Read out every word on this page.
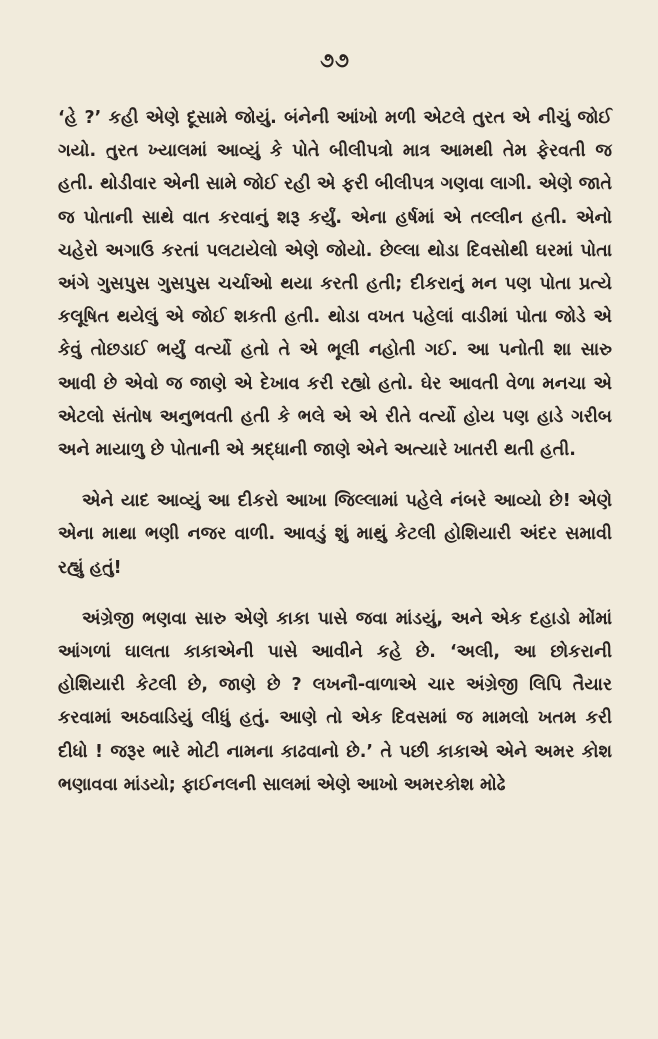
૭૭

‘હે ?’ કહી એણે દૂસામે જોયું. બંનેની આંખો મળી એટલે તુરત એ નીચું જોઈ ગયો. તુરત ખ્યાલમાં આવ્યું કે પોતે બીલીપત્રો માત્ર આમથી તેમ ફેરવતી જ હતી. થોડીવાર એની સામે જોઈ રહી એ ફરી બીલીપત્ર ગણવા લાગી. એણે જાતે જ પોતાની સાથે વાત કરવાનું શરૂ કર્યું. એના હર્ષમાં એ તલ્લીન હતી. એનો ચહેરો અગાઉ કરતાં પલટાયેલો એણે જોયો. છેલ્લા થોડા દિવસોથી ઘરમાં પોતા અંગે ગુસપુસ ગુસપુસ ચર્ચાઓ થયા કરતી હતી; દીકરાનું મન પણ પોતા પ્રત્યે કલૂષિત થયેલું એ જોઈ શકતી હતી. થોડા વખત પહેલાં વાડીમાં પોતા જોડે એ કેવું તોછડાઈ ભર્યું વર્ત્યો હતો તે એ ભૂલી નહોતી ગઈ. આ પનોતી શા સારુ આવી છે એવો જ જાણે એ દેખાવ કરી રહ્યો હતો. ઘેર આવતી વેળા મનચા એ એટલો સંતોષ અનુભવતી હતી કે ભલે એ એ રીતે વર્ત્યો હોય પણ હાડે ગરીબ અને માયાળુ છે પોતાની એ શ્રદ્ધાની જાણે એને અત્યારે ખાતરી થતી હતી.

એને યાદ આવ્યું આ દીકરો આખા જિલ્લામાં પહેલે નંબરે આવ્યો છે! એણે એના માથા ભણી નજર વાળી. આવડું શું માથું કેટલી હોશિયારી અંદર સમાવી રહ્યું હતું!

અંગ્રેજી ભણવા સારુ એણે કાકા પાસે જવા માંડયું, અને એક દહાડો મોંમાં આંગળાં ઘાલતા કાકાએની પાસે આવીને કહે છે. ‘અલી, આ છોકરાની હોશિયારી કેટલી છે, જાણે છે ? લખનૌ-વાળાએ ચાર અંગ્રેજી લિપિ તૈયાર કરવામાં અઠવાડિયું લીધું હતું. આણે તો એક દિવસમાં જ મામલો ખતમ કરી દીધો ! જરૂર ભારે મોટી નામના કાઢવાનો છે.’ તે પછી કાકાએ એને અમર કોશ ભણાવવા માંડયો; ફાઈનલની સાલમાં એણે આખો અમરકોશ મોઢે
